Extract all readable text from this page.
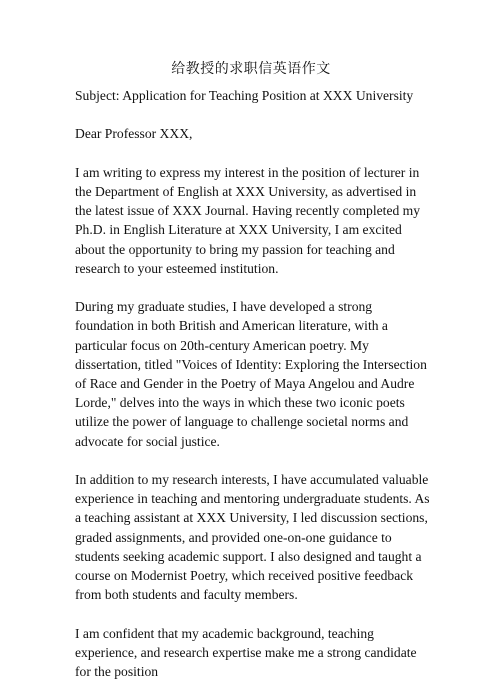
给教授的求职信英语作文

Subject: Application for Teaching Position at XXX University

Dear Professor XXX,

I am writing to express my interest in the position of lecturer in the Department of English at XXX University, as advertised in the latest issue of XXX Journal. Having recently completed my Ph.D. in English Literature at XXX University, I am excited about the opportunity to bring my passion for teaching and research to your esteemed institution.

During my graduate studies, I have developed a strong foundation in both British and American literature, with a particular focus on 20th-century American poetry. My dissertation, titled "Voices of Identity: Exploring the Intersection of Race and Gender in the Poetry of Maya Angelou and Audre Lorde," delves into the ways in which these two iconic poets utilize the power of language to challenge societal norms and advocate for social justice.

In addition to my research interests, I have accumulated valuable experience in teaching and mentoring undergraduate students. As a teaching assistant at XXX University, I led discussion sections, graded assignments, and provided one-on-one guidance to students seeking academic support. I also designed and taught a course on Modernist Poetry, which received positive feedback from both students and faculty members.

I am confident that my academic background, teaching experience, and research expertise make me a strong candidate for the position
